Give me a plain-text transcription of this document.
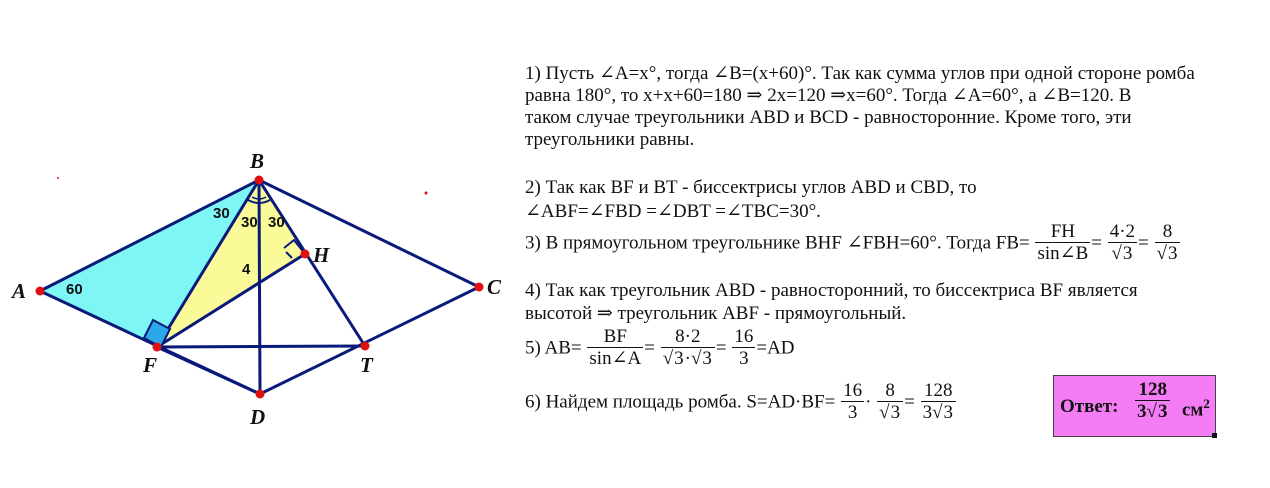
A
B
C
D
F
H
T
60
30
30 30
4
1) Пусть ∠A=x°, тогда ∠B=(x+60)°. Так как сумма углов при одной стороне ромба
равна 180°, то x+x+60=180 ⇒ 2x=120 ⇒x=60°. Тогда ∠A=60°, а ∠B=120. В
таком случае треугольники ABD и BCD - равносторонние. Кроме того, эти
треугольники равны.
2) Так как BF и BT - биссектрисы углов ABD и CBD, то
∠ABF=∠FBD =∠DBT =∠TBC=30°.
3) В прямоугольном треугольнике BHF ∠FBH=60°. Тогда $FB= \frac{FH}{\sin\angle B} = \frac{4\cdot 2}{√3} = \frac{8}{√3}$
4) Так как треугольник ABD - равносторонний, то биссектриса BF является
высотой ⇒ треугольник ABF - прямоугольный.
5) $AB= \frac{BF}{\sin\angle A} = \frac{8\cdot 2}{√3\cdot√3} = \frac{16}{3} =AD$
6) Найдем площадь ромба. $S=AD\cdot BF= \frac{16}{3} \cdot \frac{8}{√3} = \frac{128}{3√3}$	Ответ: $\frac{128}{3√3} см^2$
